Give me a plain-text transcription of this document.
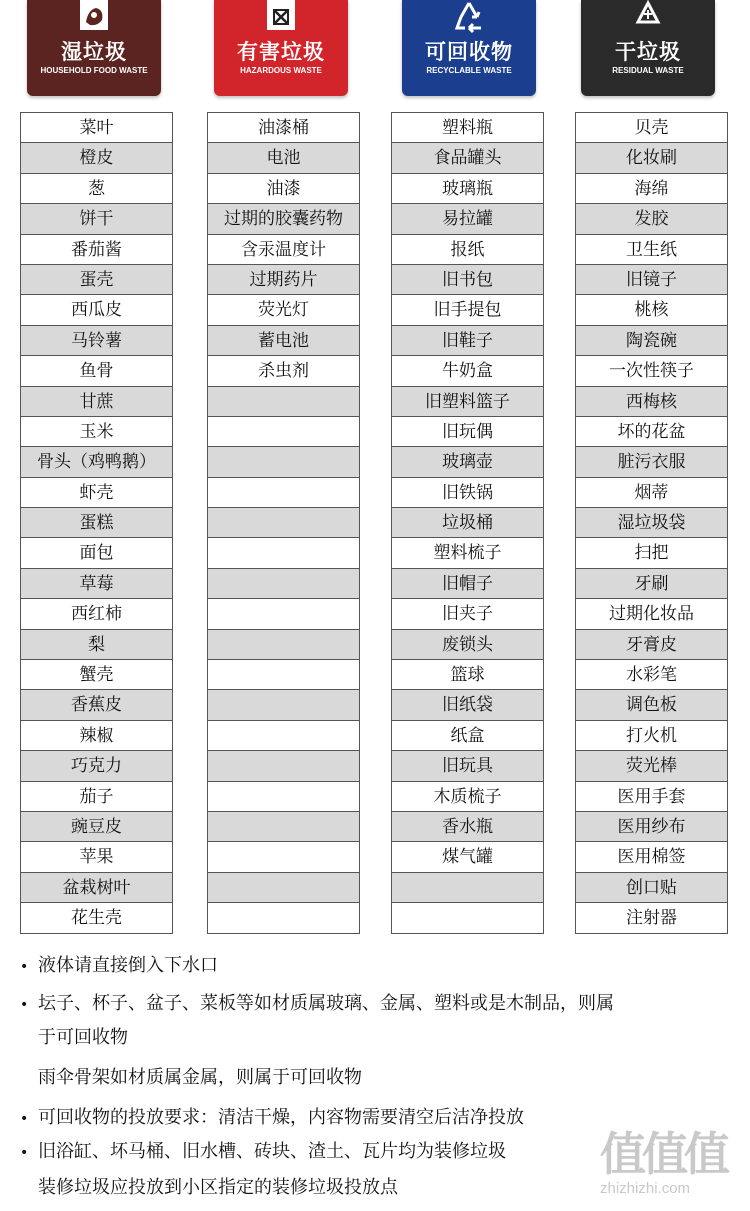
湿垃圾
HOUSEHOLD FOOD WASTE
有害垃圾
HAZARDOUS WASTE
可回收物
RECYCLABLE WASTE
干垃圾
RESIDUAL WASTE
菜叶
橙皮
葱
饼干
番茄酱
蛋壳
西瓜皮
马铃薯
鱼骨
甘蔗
玉米
骨头（鸡鸭鹅）
虾壳
蛋糕
面包
草莓
西红柿
梨
蟹壳
香蕉皮
辣椒
巧克力
茄子
豌豆皮
苹果
盆栽树叶
花生壳
油漆桶
电池
油漆
过期的胶囊药物
含汞温度计
过期药片
荧光灯
蓄电池
杀虫剂
塑料瓶
食品罐头
玻璃瓶
易拉罐
报纸
旧书包
旧手提包
旧鞋子
牛奶盒
旧塑料篮子
旧玩偶
玻璃壶
旧铁锅
垃圾桶
塑料梳子
旧帽子
旧夹子
废锁头
篮球
旧纸袋
纸盒
旧玩具
木质梳子
香水瓶
煤气罐
贝壳
化妆刷
海绵
发胶
卫生纸
旧镜子
桃核
陶瓷碗
一次性筷子
西梅核
坏的花盆
脏污衣服
烟蒂
湿垃圾袋
扫把
牙刷
过期化妆品
牙膏皮
水彩笔
调色板
打火机
荧光棒
医用手套
医用纱布
医用棉签
创口贴
注射器
• 液体请直接倒入下水口
• 坛子、杯子、盆子、菜板等如材质属玻璃、金属、塑料或是木制品，则属
于可回收物
雨伞骨架如材质属金属，则属于可回收物
• 可回收物的投放要求：清洁干燥，内容物需要清空后洁净投放
• 旧浴缸、坏马桶、旧水槽、砖块、渣土、瓦片均为装修垃圾
装修垃圾应投放到小区指定的装修垃圾投放点
值值值
zhizhizhi.com
